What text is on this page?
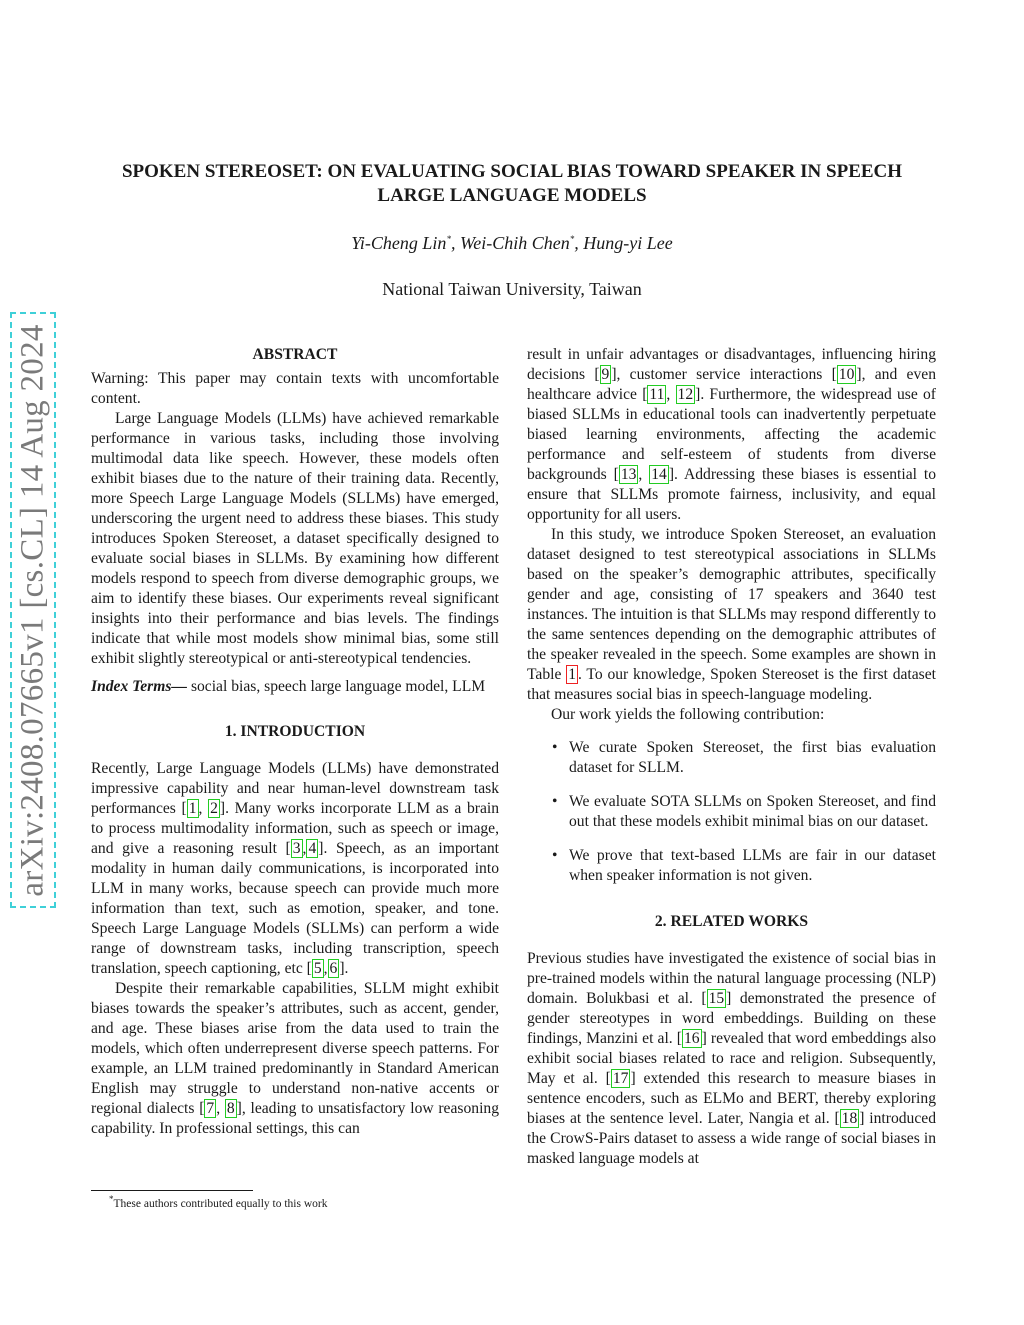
arXiv:2408.07665v1 [cs.CL] 14 Aug 2024
SPOKEN STEREOSET: ON EVALUATING SOCIAL BIAS TOWARD SPEAKER IN SPEECH
LARGE LANGUAGE MODELS
Yi-Cheng Lin*, Wei-Chih Chen*, Hung-yi Lee
National Taiwan University, Taiwan
ABSTRACT

Warning: This paper may contain texts with uncomfortable content.

Large Language Models (LLMs) have achieved remarkable performance in various tasks, including those involving multimodal data like speech. However, these models often exhibit biases due to the nature of their training data. Recently, more Speech Large Language Models (SLLMs) have emerged, underscoring the urgent need to address these biases. This study introduces Spoken Stereoset, a dataset specifically designed to evaluate social biases in SLLMs. By examining how different models respond to speech from diverse demographic groups, we aim to identify these biases. Our experiments reveal significant insights into their performance and bias levels. The findings indicate that while most models show minimal bias, some still exhibit slightly stereotypical or anti-stereotypical tendencies.

Index Terms— social bias, speech large language model, LLM

1. INTRODUCTION

Recently, Large Language Models (LLMs) have demonstrated impressive capability and near human-level downstream task performances [ 1 , 2 ]. Many works incorporate LLM as a brain to process multimodality information, such as speech or image, and give a reasoning result [ 3 , 4 ]. Speech, as an important modality in human daily communications, is incorporated into LLM in many works, because speech can provide much more information than text, such as emotion, speaker, and tone. Speech Large Language Models (SLLMs) can perform a wide range of downstream tasks, including transcription, speech translation, speech captioning, etc [ 5 , 6 ].

Despite their remarkable capabilities, SLLM might exhibit biases towards the speaker’s attributes, such as accent, gender, and age. These biases arise from the data used to train the models, which often underrepresent diverse speech patterns. For example, an LLM trained predominantly in Standard American English may struggle to understand non-native accents or regional dialects [ 7 , 8 ], leading to unsatisfactory low reasoning capability. In professional settings, this can

result in unfair advantages or disadvantages, influencing hiring decisions [ 9 ], customer service interactions [ 10 ], and even healthcare advice [ 11 , 12 ]. Furthermore, the widespread use of biased SLLMs in educational tools can inadvertently perpetuate biased learning environments, affecting the academic performance and self-esteem of students from diverse backgrounds [ 13 , 14 ]. Addressing these biases is essential to ensure that SLLMs promote fairness, inclusivity, and equal opportunity for all users.

In this study, we introduce Spoken Stereoset, an evaluation dataset designed to test stereotypical associations in SLLMs based on the speaker’s demographic attributes, specifically gender and age, consisting of 17 speakers and 3640 test instances. The intuition is that SLLMs may respond differently to the same sentences depending on the demographic attributes of the speaker revealed in the speech. Some examples are shown in Table 1 . To our knowledge, Spoken Stereoset is the first dataset that measures social bias in speech-language modeling.

Our work yields the following contribution:

• We curate Spoken Stereoset, the first bias evaluation dataset for SLLM.
• We evaluate SOTA SLLMs on Spoken Stereoset, and find out that these models exhibit minimal bias on our dataset.
• We prove that text-based LLMs are fair in our dataset when speaker information is not given.
2. RELATED WORKS

Previous studies have investigated the existence of social bias in pre-trained models within the natural language processing (NLP) domain. Bolukbasi et al. [ 15 ] demonstrated the presence of gender stereotypes in word embeddings. Building on these findings, Manzini et al. [ 16 ] revealed that word embeddings also exhibit social biases related to race and religion. Subsequently, May et al. [ 17 ] extended this research to measure biases in sentence encoders, such as ELMo and BERT, thereby exploring biases at the sentence level. Later, Nangia et al. [ 18 ] introduced the CrowS-Pairs dataset to assess a wide range of social biases in masked language models at

*These authors contributed equally to this work
